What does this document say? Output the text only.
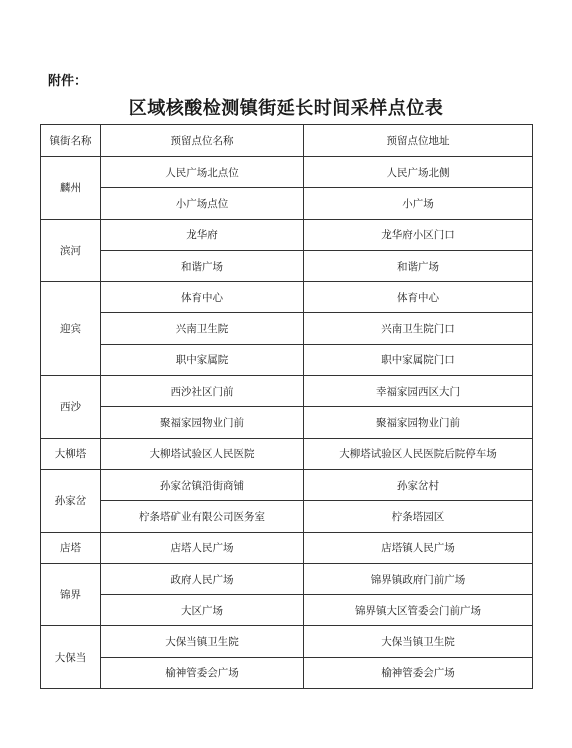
附件：
区域核酸检测镇街延长时间采样点位表
镇街名称	预留点位名称	预留点位地址
麟州	人民广场北点位	人民广场北侧
	小广场点位	小广场
滨河	龙华府	龙华府小区门口
	和谐广场	和谐广场
迎宾	体育中心	体育中心
	兴南卫生院	兴南卫生院门口
	职中家属院	职中家属院门口
西沙	西沙社区门前	幸福家园西区大门
	聚福家园物业门前	聚福家园物业门前
大柳塔	大柳塔试验区人民医院	大柳塔试验区人民医院后院停车场
孙家岔	孙家岔镇沿街商铺	孙家岔村
	柠条塔矿业有限公司医务室	柠条塔园区
店塔	店塔人民广场	店塔镇人民广场
锦界	政府人民广场	锦界镇政府门前广场
	大区广场	锦界镇大区管委会门前广场
大保当	大保当镇卫生院	大保当镇卫生院
	榆神管委会广场	榆神管委会广场
